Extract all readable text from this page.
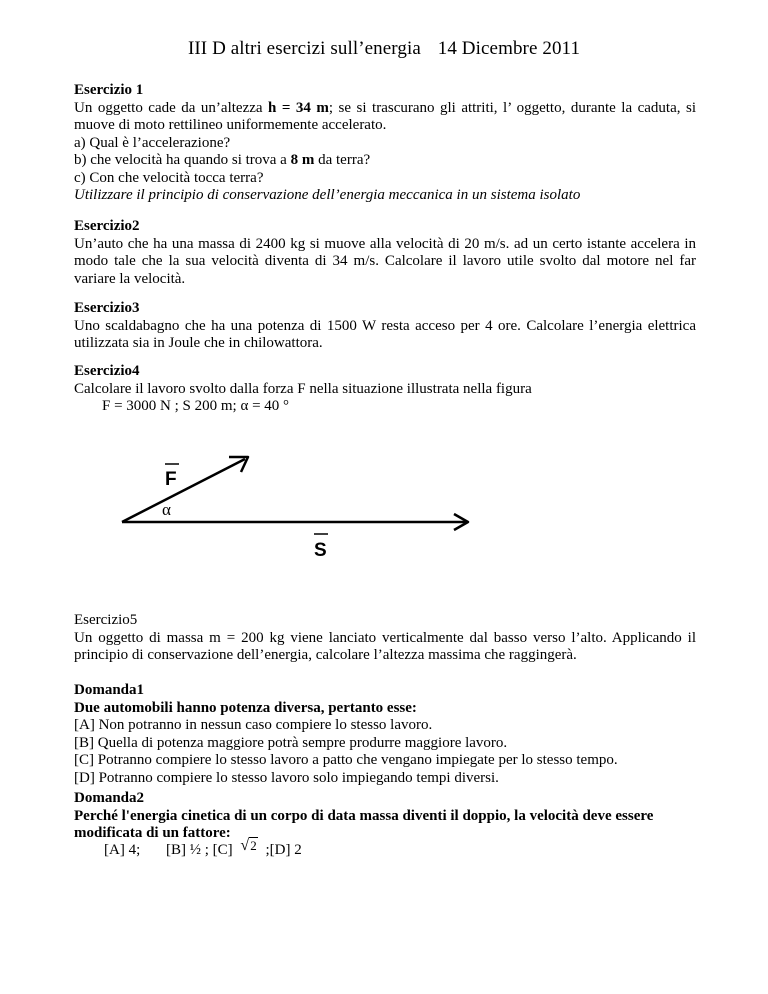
III D altri esercizi sull’energia 14 Dicembre 2011

Esercizio 1

Un oggetto cade da un’altezza h = 34 m; se si trascurano gli attriti, l’ oggetto, durante la caduta, si muove di moto rettilineo uniformemente accelerato.

a) Qual è l’accelerazione?

b) che velocità ha quando si trova a 8 m da terra?

c) Con che velocità tocca terra?

Utilizzare il principio di conservazione dell’energia meccanica in un sistema isolato

Esercizio2

Un’auto che ha una massa di 2400 kg si muove alla velocità di 20 m/s. ad un certo istante accelera in modo tale che la sua velocità diventa di 34 m/s. Calcolare il lavoro utile svolto dal motore nel far variare la velocità.

Esercizio3

Uno scaldabagno che ha una potenza di 1500 W resta acceso per 4 ore. Calcolare l’energia elettrica utilizzata sia in Joule che in chilowattora.

Esercizio4

Calcolare il lavoro svolto dalla forza F nella situazione illustrata nella figura

F = 3000 N ; S 200 m; α = 40 °

F
α
S

Esercizio5

Un oggetto di massa m = 200 kg viene lanciato verticalmente dal basso verso l’alto. Applicando il principio di conservazione dell’energia, calcolare l’altezza massima che raggingerà.

Domanda1

Due automobili hanno potenza diversa, pertanto esse:

[A] Non potranno in nessun caso compiere lo stesso lavoro.

[B] Quella di potenza maggiore potrà sempre produrre maggiore lavoro.

[C] Potranno compiere lo stesso lavoro a patto che vengano impiegate per lo stesso tempo.

[D] Potranno compiere lo stesso lavoro solo impiegando tempi diversi.

Domanda2

Perché l'energia cinetica di un corpo di data massa diventi il doppio, la velocità deve essere modificata di un fattore:

[A] 4; [B] ½ ; [C] √2 ;[D] 2
